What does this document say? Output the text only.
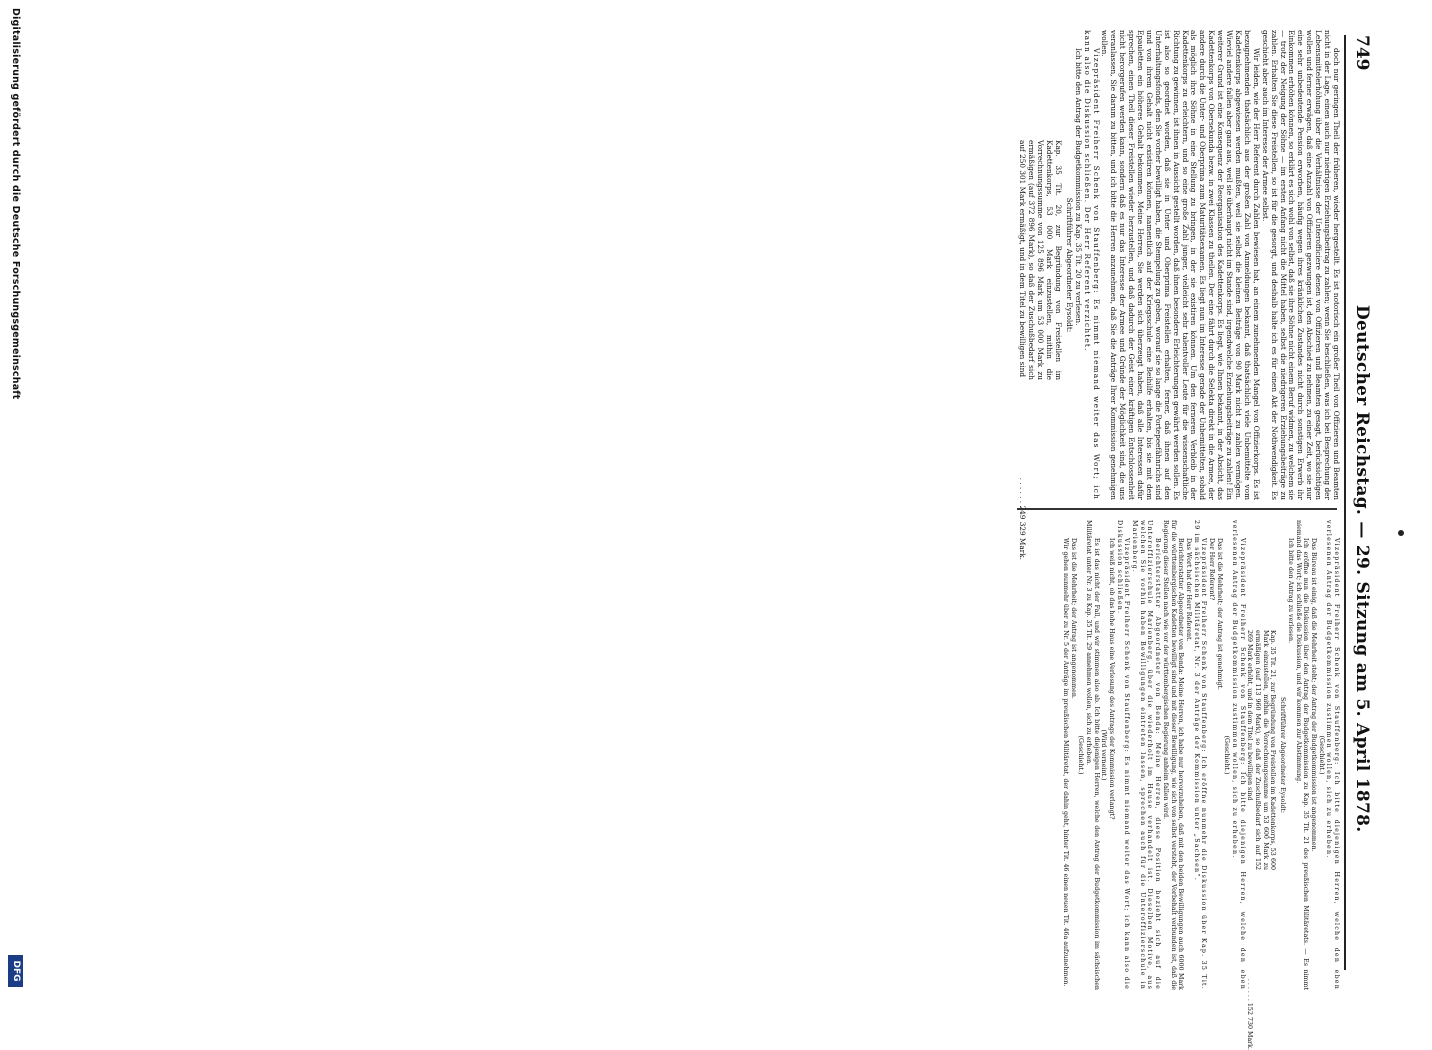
749
Deutscher Reichstag. — 29. Sitzung am 5. April 1878.

doch nur geringen Theil der früheren, wieder hergestellt. Es ist notorisch ein großer Theil von Offizieren und Beamten nicht in der Lage, einen auch nur niedrigen Erziehungsbeitrag zu zahlen; wenn Sie beschließen, was ich bei Besprechung der Lebensmittelerhöhung über die Verhältnisse der Unterofficiere denen von Offizieren und Beamten gesagt, berücksichtigen wollen und ferner erwägen, daß eine Anzahl von Offizieren gezwungen ist, den Abschied zu nehmen, zu einer Zeit, wo sie nur eine sehr unbedeutende Pension erworben, häufig wegen ihres kränklichen Zustandes nicht durch sonstigen Erwerb ihr Einkommen erhöhen können, so erklärt es sich wohl von selbst, daß sie ihre Söhne nicht einem Beruf widmen, zu welchem sie — trotz der Neigung der Söhne — im ersten Anfang nicht die Mittel haben, selbst die niedrigeren Erziehungsbeiträge zu zahlen. Erhalten Sie diese Freistellen, so ist für die gesorgt, und deshalb halte ich es für einen Akt der Nothwendigkeit. Es geschieht aber auch im Interesse der Armee selbst.

Wir leiden, wie der Herr Referent durch Zahlen bewiesen hat, an einem zunehmenden Mangel von Offizierkorps. Es ist bezugnehmenden thatsächlich aus der großen Zahl von Anmeldungen bekannt, daß thatsächlich viele Unbemittelte vom Kadettenkorps abgewiesen werden mußten, weil sie selbst die kleinen Beiträge von 90 Mark nicht zu zahlen vermögen. Wieviel andere fallen aber ganz aus, weil sie überhaupt nicht im Stande sind, irgendwelche Erziehungsbeiträge zu zahlen! Ein weiterer Grund ist eine Konsequenz der Reorganisation des Kadettenkorps. Es liegt, wie Ihnen bekannt, in der Absicht, das Kadettenkorps von Obersekunda bezw. in zwei Klassen zu theilen. Der eine fährt durch die Selekta direkt in die Armee, der andere durch die Unter- und Oberprima zum Maturitätsexamen. Es liegt nun im Interesse gerade der Unbemittelten, sobald als möglich ihre Söhne in eine Stellung zu bringen, in der sie existiren können. Um den ferneren Verbleib in der Kadettenkorps zu erleichtern, und so eine große Zahl junger, vielleicht sehr talentvoller Leute für die wissenschaftliche Richtung zu gewinnen, ist ihnen in Aussicht gestellt worden, daß ihnen besondere Erleichterungen gewährt werden sollen. Es ist also so geordnet worden, daß sie in Unter und Oberprima Freistellen erhalten, ferner, daß ihnen auf den Unterhaltungsfonds, den Sie vorher bewilligt haben, die Stempelung zu geben, worauf sie so lange die Portepeefähnrichs sind und von ihrem Gehalt nicht existiren können, namentlich auf der Kriegsschule eine Beihilfe erhalten, bis sie mit dem Epauletten ein höheres Gehalt bekommen. Meine Herren, Sie werden sich überzeugt haben, daß alle Interessen dafür sprechen, einen Theil dieser Freistellen wieder herzustellen, und daß dadurch der Geist einer kräftigen Entschlossenheit nicht herorgerufen werden kann, sondern daß es nur das Interesse der Armee und Gründe der Möglichkeit sind, die uns veranlassen, Sie darum zu bitten, und ich bitte die Herren anzunehmen, daß Sie die Anträge Ihrer Kommission genehmigen wollen.

Vizepräsident Freiherr Schenk von Stauffenberg: Es nimmt niemand weiter das Wort; ich kann also die Diskussion schließen. Der Herr Referent verzichtet.

Ich bitte den Antrag der Budgetkommission zu Kap. 35 Tit. 20 zu verlesen.

Schriftführer Abgeordneter Eysoldt:

Kap. 35 Tit. 20, zur Begründung von Freistellen im Kadettenkorps, 53 000 Mark einzustellen, mithin die Vorrechnungssumme von 125 896 Mark um 53 000 Mark zu ermäßigen (auf 372 896 Mark), so daß der Zuschußbedarf sich auf 250 301 Mark ermäßigt, und in dem Titel zu bewilligen sind
. . . . . . 249 329 Mark.

Vizepräsident Freiherr Schenk von Stauffenberg: Ich bitte diejenigen Herren, welche den eben verlesenen Antrag der Budgetkommission zustimmen wollen, sich zu erheben.

(Geschieht.)

Das Büreau ist einig, daß die Mehrheit steht; der Antrag der Budgetkommission ist angenommen.

Ich eröffne nun die Diskussion über den Antrag der Budgetkommission zu Kap. 35 Tit. 21 des preußischen Militäretats. — Es nimmt niemand das Wort; ich schließe die Diskussion, und wir kommen zur Abstimmung.

Ich bitte den Antrag zu verlesen.

Schriftführer Abgeordneter Eysoldt:

Kap. 35 Tit. 21, zur Begründung von Freistellen im Kadettenkorps, 53 600 Mark einzustellen, mithin die Vorrechnungssumme um 53 600 Mark zu ermäßigen (auf 113 960 Mark), so daß der Zuschußbedarf sich auf 152 269 Mark erhöht, und in dem Titel zu bewilligen sind
. . . . . . 152 730 Mark.

Vizepräsident Freiherr Schenk von Stauffenberg: Ich bitte diejenigen Herren, welche den eben verlesenen Antrag der Budgetkommission zustimmen wollen, sich zu erheben.

(Geschieht.)

Das ist die Mehrheit; der Antrag ist genehmigt.

Der Herr Referent?

Vizepräsident Freiherr Schenk von Stauffenberg: Ich eröffne nunmehr die Diskussion über Kap. 35 Tit. 29 im sächsischen Militäretat, Nr. 3 der Anträge der Kommission unter „Sachsen“.

Das Wort hat der Herr Referent.

Berichterstatter Abgeordneter von Benda: Meine Herren, ich habe nur hervorzuheben, daß mit den beiden Bewilligungen auch 6000 Mark für die württembergischen Kadetten bewilligt sind und mit dieser Bewilligung, wie sich von selbst versteht, der Vorbehalt verbunden ist, daß die Regierung dieser Stellen nach wie vor der württembergischen Regierung anheim fallen wird.

Berichterstatter Abgeordneter von Benda: Meine Herren, diese Position bezieht sich auf die Unteroffizierschule Marienberg, über die wiederholt im Hause verhandelt ist. Dieselben Motive, aus welchen Sie vorhin haben Bewilligungen eintreten lassen, sprechen auch für die Unteroffizierschule in Marienberg.

Vizepräsident Freiherr Schenk von Stauffenberg: Es nimmt niemand weiter das Wort; ich kann also die Diskussion schließen.

Ich weiß nicht, ob das hohe Haus eine Verlesung des Antrags der Kommission verlangt?

(Wird verneint.)

Es ist das nicht der Fall, und wir stimmen also ab. Ich bitte diejenigen Herren, welche den Antrag der Budgetkommission im sächsischen Militäretat unter Nr. 3 zu Kap. 35 Tit. 29 annehmen wollen, sich zu erheben.

(Geschieht.)

Das ist die Mehrheit; der Antrag ist angenommen.

Wir gehen nunmehr über zu Nr. 5 der Anträge im preußischen Militäretat, der dahin geht, hinter Tit. 46 einen neuen Tit. 46a aufzunehmen.

Digitalisierung gefördert durch die Deutsche Forschungsgemeinschaft
DFG
